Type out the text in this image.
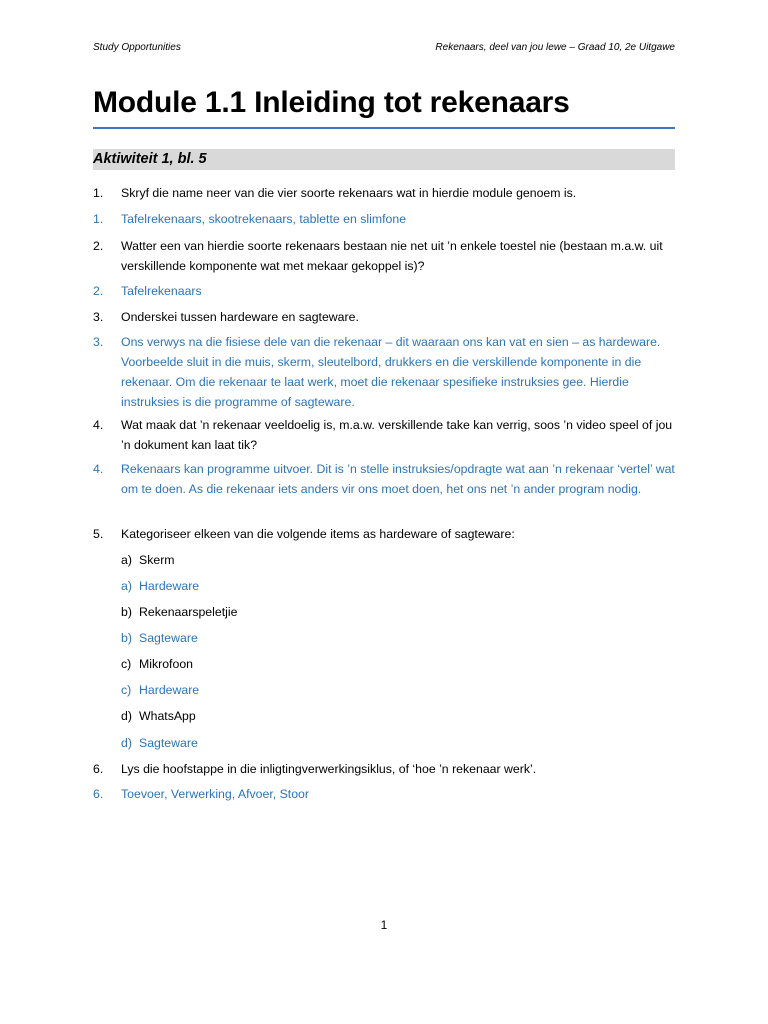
Study Opportunities	Rekenaars, deel van jou lewe – Graad 10, 2e Uitgawe
Module 1.1 Inleiding tot rekenaars
Aktiwiteit 1, bl. 5
1. Skryf die name neer van die vier soorte rekenaars wat in hierdie module genoem is.
1. Tafelrekenaars, skootrekenaars, tablette en slimfone
2. Watter een van hierdie soorte rekenaars bestaan nie net uit ’n enkele toestel nie (bestaan m.a.w. uit verskillende komponente wat met mekaar gekoppel is)?
2. Tafelrekenaars
3. Onderskei tussen hardeware en sagteware.
3. Ons verwys na die fisiese dele van die rekenaar – dit waaraan ons kan vat en sien – as hardeware. Voorbeelde sluit in die muis, skerm, sleutelbord, drukkers en die verskillende komponente in die rekenaar. Om die rekenaar te laat werk, moet die rekenaar spesifieke instruksies gee. Hierdie instruksies is die programme of sagteware.
4. Wat maak dat ’n rekenaar veeldoelig is, m.a.w. verskillende take kan verrig, soos ’n video speel of jou ’n dokument kan laat tik?
4. Rekenaars kan programme uitvoer. Dit is ’n stelle instruksies/opdragte wat aan ’n rekenaar ‘vertel’ wat om te doen. As die rekenaar iets anders vir ons moet doen, het ons net ’n ander program nodig.
5. Kategoriseer elkeen van die volgende items as hardeware of sagteware:
a) Skerm
a) Hardeware
b) Rekenaarspeletjie
b) Sagteware
c) Mikrofoon
c) Hardeware
d) WhatsApp
d) Sagteware
6. Lys die hoofstappe in die inligtingverwerkingsiklus, of ‘hoe ’n rekenaar werk’.
6. Toevoer, Verwerking, Afvoer, Stoor
1
